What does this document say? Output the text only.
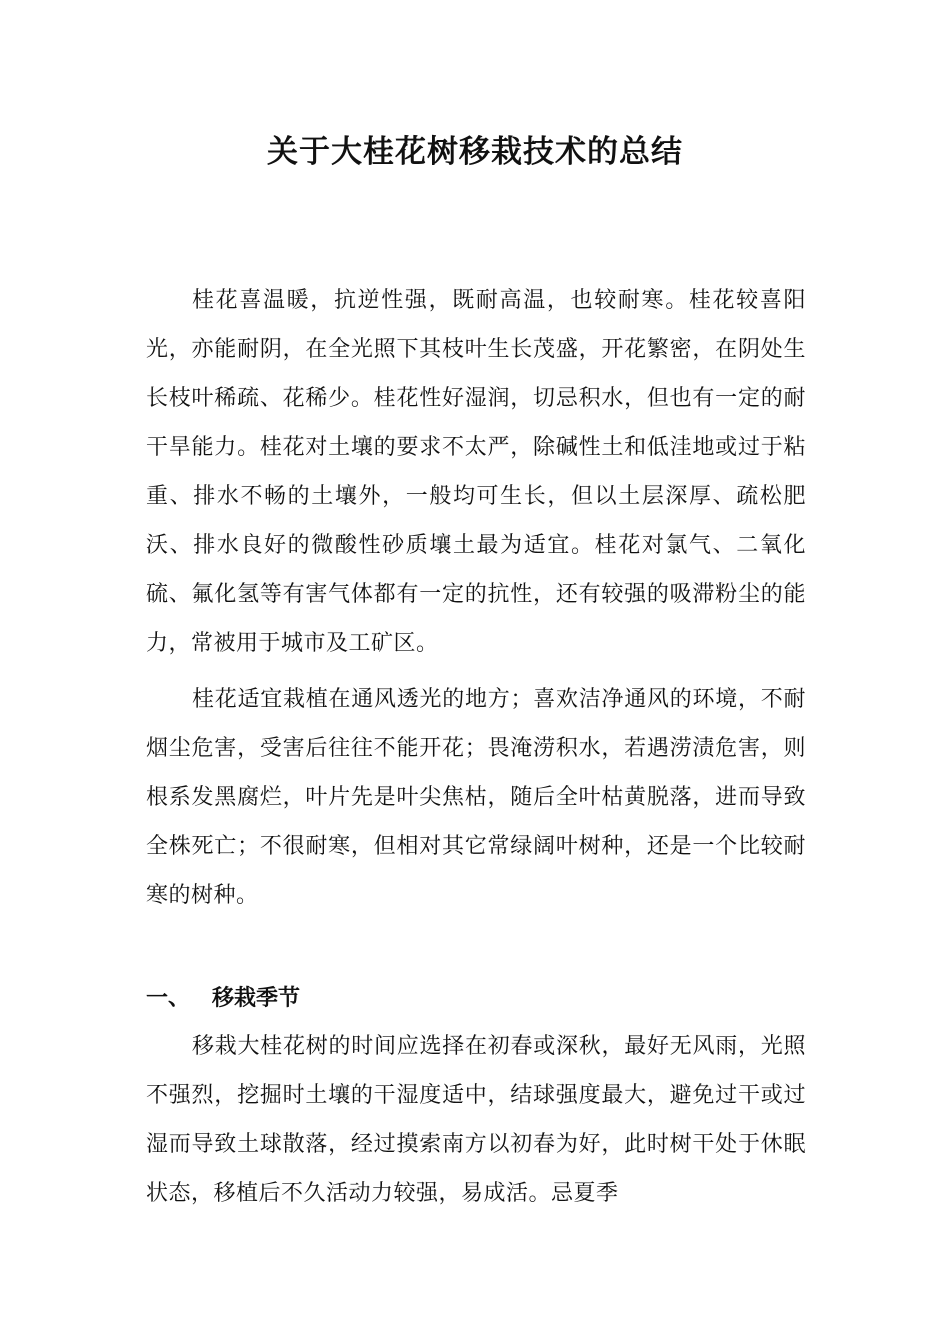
关于大桂花树移栽技术的总结

桂花喜温暖，抗逆性强，既耐高温，也较耐寒。桂花较喜阳光，亦能耐阴，在全光照下其枝叶生长茂盛，开花繁密，在阴处生长枝叶稀疏、花稀少。桂花性好湿润，切忌积水，但也有一定的耐干旱能力。桂花对土壤的要求不太严，除碱性土和低洼地或过于粘重、排水不畅的土壤外，一般均可生长，但以土层深厚、疏松肥沃、排水良好的微酸性砂质壤土最为适宜。桂花对氯气、二氧化硫、氟化氢等有害气体都有一定的抗性，还有较强的吸滞粉尘的能力，常被用于城市及工矿区。

桂花适宜栽植在通风透光的地方；喜欢洁净通风的环境，不耐烟尘危害，受害后往往不能开花；畏淹涝积水，若遇涝渍危害，则根系发黑腐烂，叶片先是叶尖焦枯，随后全叶枯黄脱落，进而导致全株死亡；不很耐寒，但相对其它常绿阔叶树种，还是一个比较耐寒的树种。

一、 移栽季节

移栽大桂花树的时间应选择在初春或深秋，最好无风雨，光照不强烈，挖掘时土壤的干湿度适中，结球强度最大，避免过干或过湿而导致土球散落，经过摸索南方以初春为好，此时树干处于休眠状态，移植后不久活动力较强，易成活。忌夏季
